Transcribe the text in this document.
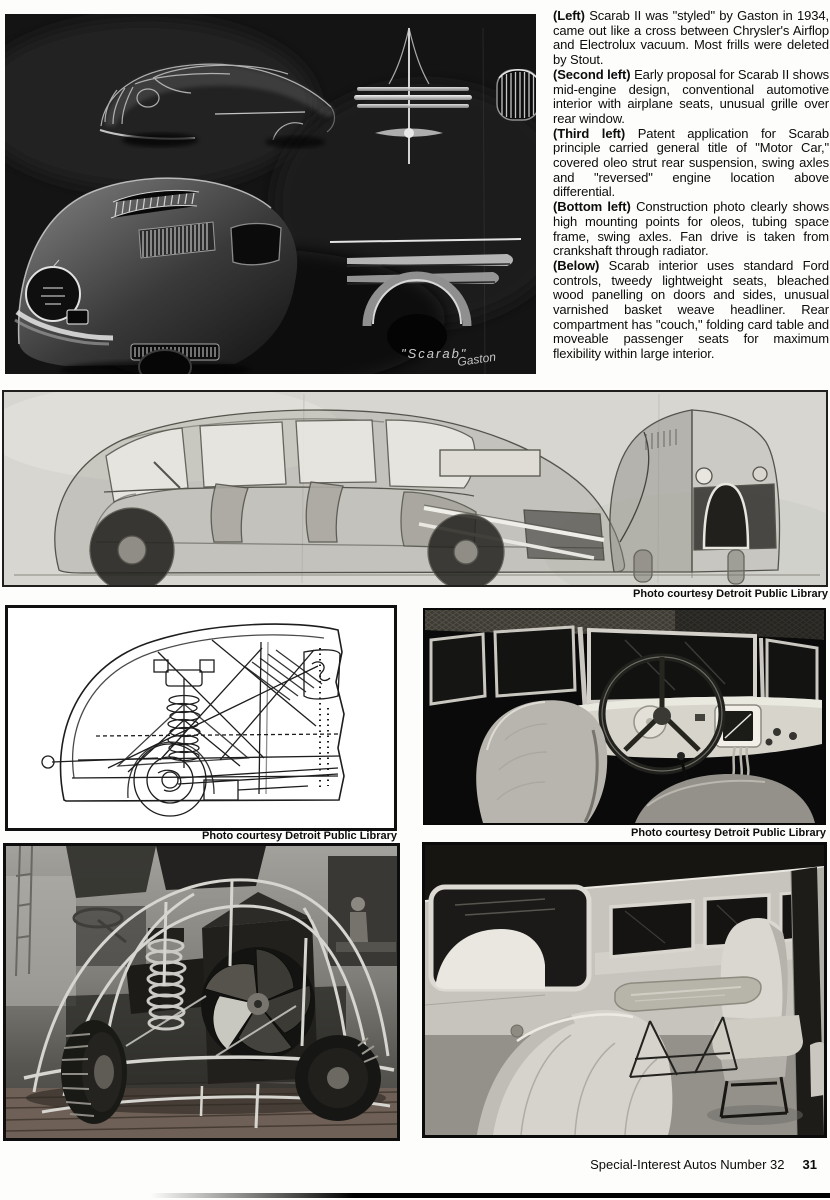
"Scarab"
Gaston

(Left) Scarab II was "styled" by Gaston in 1934, came out like a cross between Chrysler's Airflop and Electrolux vacuum. Most frills were deleted by Stout.

(Second left) Early proposal for Scarab II shows mid-engine design, conventional automotive interior with airplane seats, unusual grille over rear window.

(Third left) Patent application for Scarab principle carried general title of "Motor Car," covered oleo strut rear suspension, swing axles and "reversed" engine location above differential.

(Bottom left) Construction photo clearly shows high mounting points for oleos, tubing space frame, swing axles. Fan drive is taken from crankshaft through radiator.

(Below) Scarab interior uses standard Ford controls, tweedy lightweight seats, bleached wood panelling on doors and sides, unusual varnished basket weave headliner. Rear compartment has "couch," folding card table and moveable passenger seats for maximum flexibility within large interior.

Photo courtesy Detroit Public Library
Photo courtesy Detroit Public Library	Photo courtesy Detroit Public Library
Special-Interest Autos Number 32 31
